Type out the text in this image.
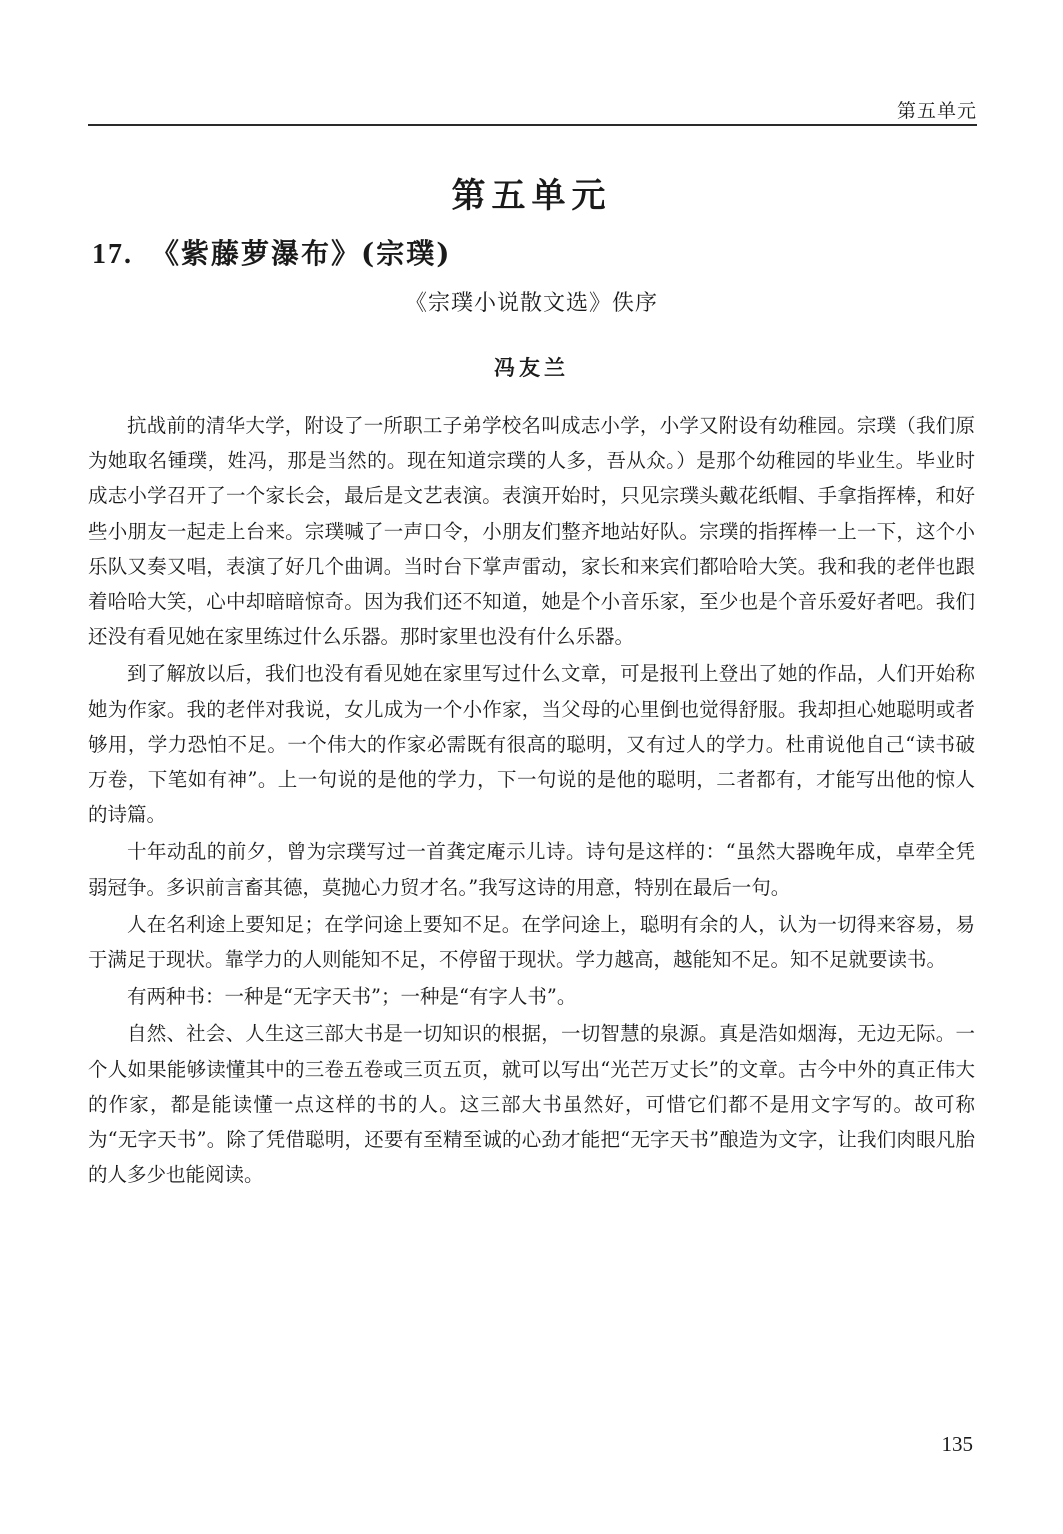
第五单元
第五单元
17. 《紫藤萝瀑布》(宗璞)
《宗璞小说散文选》佚序
冯友兰

抗战前的清华大学，附设了一所职工子弟学校名叫成志小学，小学又附设有幼稚园。宗璞（我们原为她取名锺璞，姓冯，那是当然的。现在知道宗璞的人多，吾从众。）是那个幼稚园的毕业生。毕业时成志小学召开了一个家长会，最后是文艺表演。表演开始时，只见宗璞头戴花纸帽、手拿指挥棒，和好些小朋友一起走上台来。宗璞喊了一声口令，小朋友们整齐地站好队。宗璞的指挥棒一上一下，这个小乐队又奏又唱，表演了好几个曲调。当时台下掌声雷动，家长和来宾们都哈哈大笑。我和我的老伴也跟着哈哈大笑，心中却暗暗惊奇。因为我们还不知道，她是个小音乐家，至少也是个音乐爱好者吧。我们还没有看见她在家里练过什么乐器。那时家里也没有什么乐器。

到了解放以后，我们也没有看见她在家里写过什么文章，可是报刊上登出了她的作品，人们开始称她为作家。我的老伴对我说，女儿成为一个小作家，当父母的心里倒也觉得舒服。我却担心她聪明或者够用，学力恐怕不足。一个伟大的作家必需既有很高的聪明，又有过人的学力。杜甫说他自己“读书破万卷，下笔如有神”。上一句说的是他的学力，下一句说的是他的聪明，二者都有，才能写出他的惊人的诗篇。

十年动乱的前夕，曾为宗璞写过一首龚定庵示儿诗。诗句是这样的：“虽然大器晚年成，卓荦全凭弱冠争。多识前言畜其德，莫抛心力贸才名。”我写这诗的用意，特别在最后一句。

人在名利途上要知足；在学问途上要知不足。在学问途上，聪明有余的人，认为一切得来容易，易于满足于现状。靠学力的人则能知不足，不停留于现状。学力越高，越能知不足。知不足就要读书。

有两种书：一种是“无字天书”；一种是“有字人书”。

自然、社会、人生这三部大书是一切知识的根据，一切智慧的泉源。真是浩如烟海，无边无际。一个人如果能够读懂其中的三卷五卷或三页五页，就可以写出“光芒万丈长”的文章。古今中外的真正伟大的作家，都是能读懂一点这样的书的人。这三部大书虽然好，可惜它们都不是用文字写的。故可称为“无字天书”。除了凭借聪明，还要有至精至诚的心劲才能把“无字天书”酿造为文字，让我们肉眼凡胎的人多少也能阅读。

135
